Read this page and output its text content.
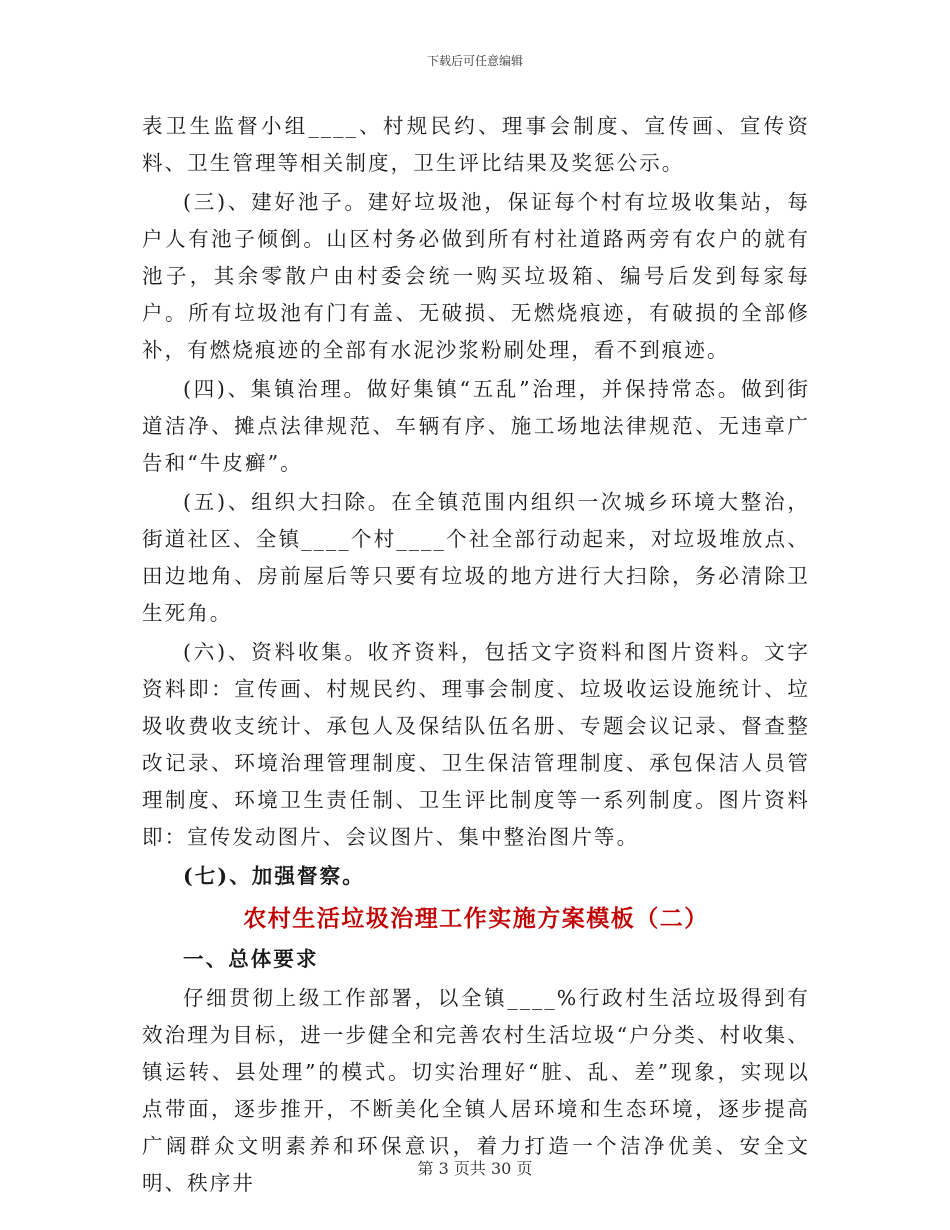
下载后可任意编辑

表卫生监督小组____、村规民约、理事会制度、宣传画、宣传资料、卫生管理等相关制度，卫生评比结果及奖惩公示。

(三)、建好池子。建好垃圾池，保证每个村有垃圾收集站，每户人有池子倾倒。山区村务必做到所有村社道路两旁有农户的就有池子，其余零散户由村委会统一购买垃圾箱、编号后发到每家每户。所有垃圾池有门有盖、无破损、无燃烧痕迹，有破损的全部修补，有燃烧痕迹的全部有水泥沙浆粉刷处理，看不到痕迹。

(四)、集镇治理。做好集镇“五乱”治理，并保持常态。做到街道洁净、摊点法律规范、车辆有序、施工场地法律规范、无违章广告和“牛皮癣”。

(五)、组织大扫除。在全镇范围内组织一次城乡环境大整治，街道社区、全镇____个村____个社全部行动起来，对垃圾堆放点、田边地角、房前屋后等只要有垃圾的地方进行大扫除，务必清除卫生死角。

(六)、资料收集。收齐资料，包括文字资料和图片资料。文字资料即：宣传画、村规民约、理事会制度、垃圾收运设施统计、垃圾收费收支统计、承包人及保结队伍名册、专题会议记录、督查整改记录、环境治理管理制度、卫生保洁管理制度、承包保洁人员管理制度、环境卫生责任制、卫生评比制度等一系列制度。图片资料即：宣传发动图片、会议图片、集中整治图片等。

(七)、加强督察。

农村生活垃圾治理工作实施方案模板（二）

一、总体要求

仔细贯彻上级工作部署，以全镇____%行政村生活垃圾得到有效治理为目标，进一步健全和完善农村生活垃圾“户分类、村收集、镇运转、县处理”的模式。切实治理好“脏、乱、差”现象，实现以点带面，逐步推开，不断美化全镇人居环境和生态环境，逐步提高广阔群众文明素养和环保意识，着力打造一个洁净优美、安全文明、秩序井

第 3 页共 30 页
